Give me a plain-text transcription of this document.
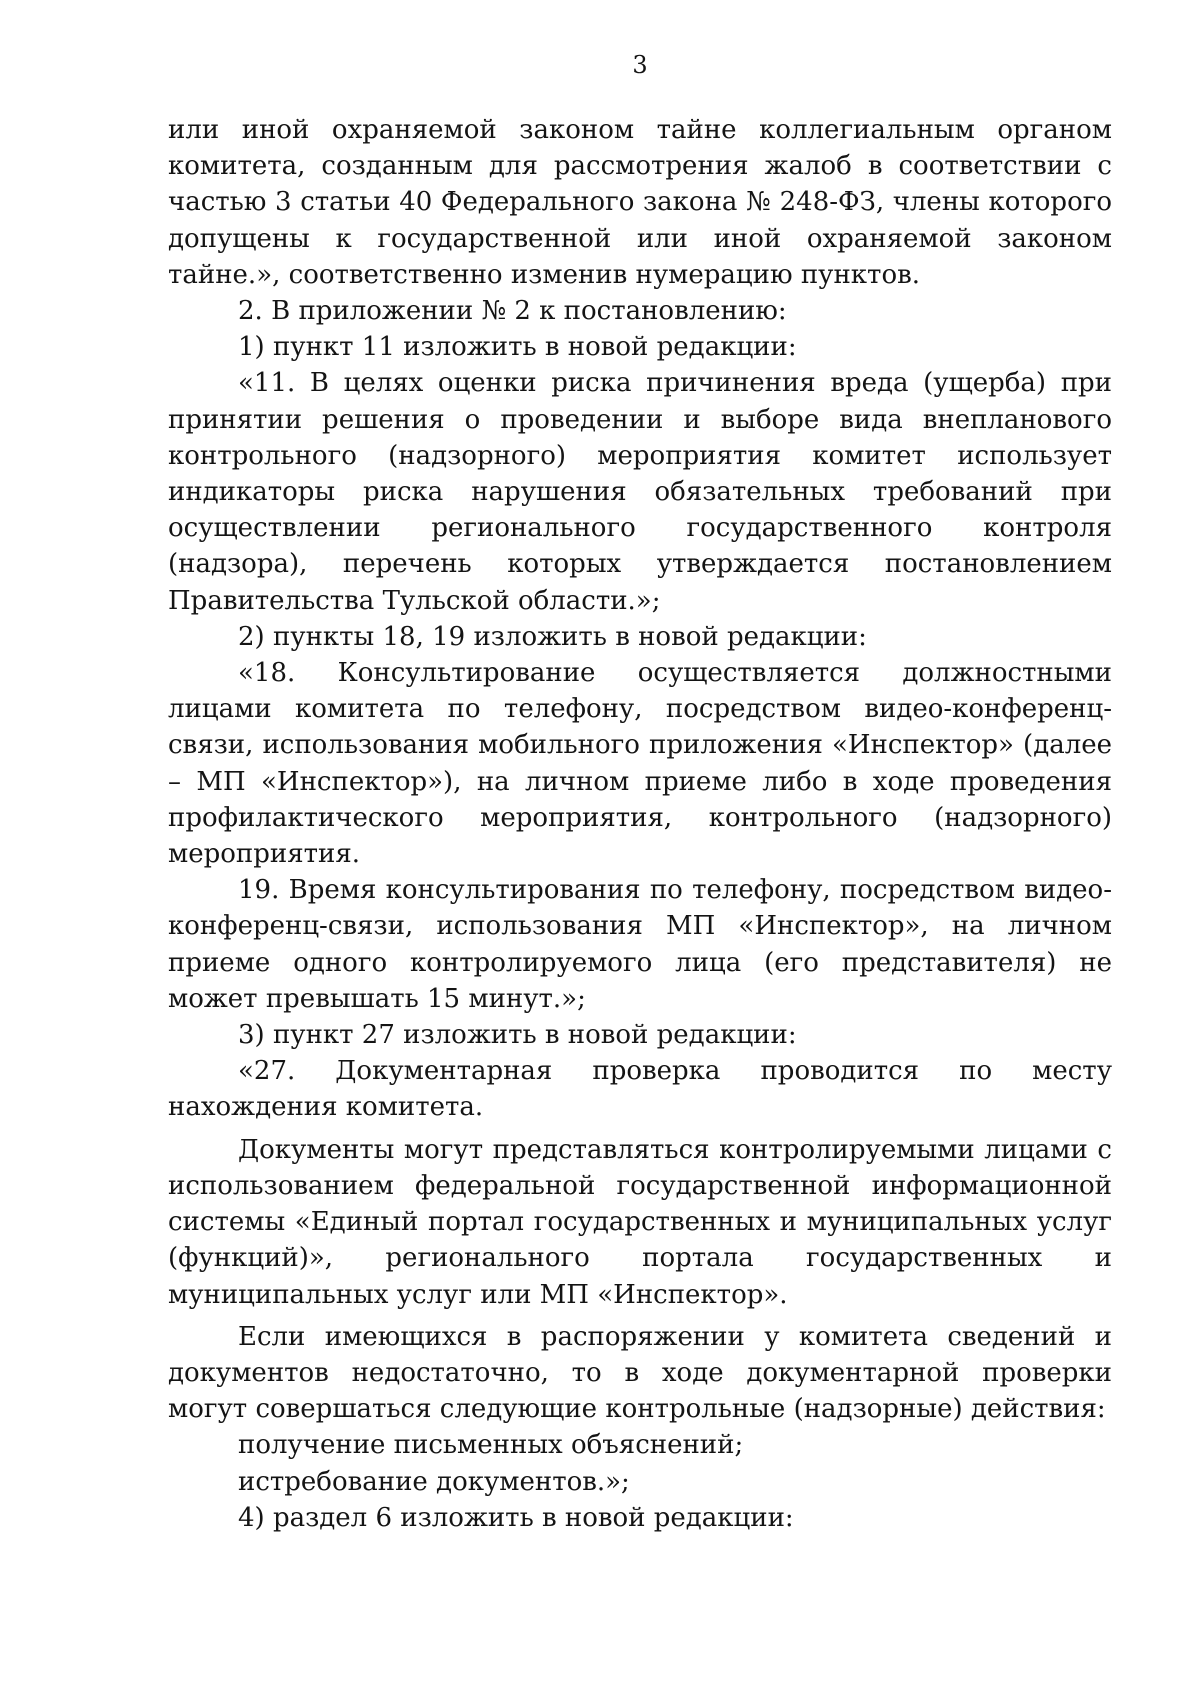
3

или иной охраняемой законом тайне коллегиальным органом комитета, созданным для рассмотрения жалоб в соответствии с частью 3 статьи 40 Федерального закона № 248-ФЗ, члены которого допущены к государственной или иной охраняемой законом тайне.», соответственно изменив нумерацию пунктов.

2. В приложении № 2 к постановлению:

1) пункт 11 изложить в новой редакции:

«11. В целях оценки риска причинения вреда (ущерба) при принятии решения о проведении и выборе вида внепланового контрольного (надзорного) мероприятия комитет использует индикаторы риска нарушения обязательных требований при осуществлении регионального государственного контроля (надзора), перечень которых утверждается постановлением Правительства Тульской области.»;

2) пункты 18, 19 изложить в новой редакции:

«18. Консультирование осуществляется должностными лицами комитета по телефону, посредством видео-конференц-связи, использования мобильного приложения «Инспектор» (далее – МП «Инспектор»), на личном приеме либо в ходе проведения профилактического мероприятия, контрольного (надзорного) мероприятия.

19. Время консультирования по телефону, посредством видео-конференц-связи, использования МП «Инспектор», на личном приеме одного контролируемого лица (его представителя) не может превышать 15 минут.»;

3) пункт 27 изложить в новой редакции:

«27. Документарная проверка проводится по месту нахождения комитета.

Документы могут представляться контролируемыми лицами с использованием федеральной государственной информационной системы «Единый портал государственных и муниципальных услуг (функций)», регионального портала государственных и муниципальных услуг или МП «Инспектор».

Если имеющихся в распоряжении у комитета сведений и документов недостаточно, то в ходе документарной проверки могут совершаться следующие контрольные (надзорные) действия:

получение письменных объяснений;

истребование документов.»;

4) раздел 6 изложить в новой редакции:
